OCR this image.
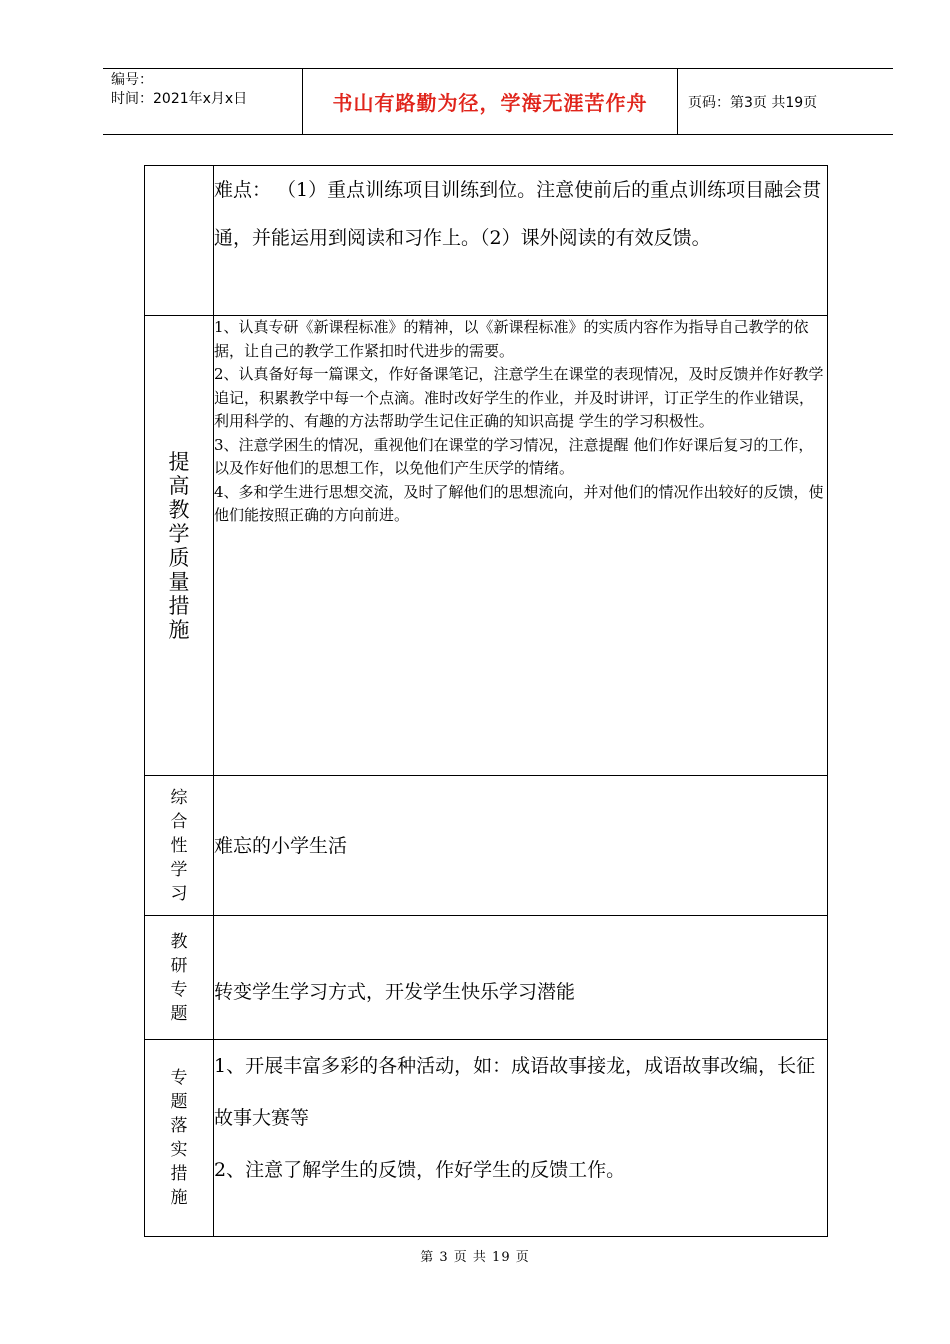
编号：
时间：2021年x月x日	书山有路勤为径，学海无涯苦作舟	页码：第3页 共19页
	难点： （1）重点训练项目训练到位。注意使前后的重点训练项目融会贯通，并能运用到阅读和习作上。（2）课外阅读的有效反馈。
提高教学质量措施	1、认真专研《新课程标准》的精神，以《新课程标准》的实质内容作为指导自己教学的依据，让自己的教学工作紧扣时代进步的需要。

2、认真备好每一篇课文，作好备课笔记，注意学生在课堂的表现情况，及时反馈并作好教学追记，积累教学中每一个点滴。准时改好学生的作业，并及时讲评，订正学生的作业错误，利用科学的、有趣的方法帮助学生记住正确的知识高提 学生的学习积极性。

3、注意学困生的情况，重视他们在课堂的学习情况，注意提醒 他们作好课后复习的工作，以及作好他们的思想工作，以免他们产生厌学的情绪。

4、多和学生进行思想交流，及时了解他们的思想流向，并对他们的情况作出较好的反馈，使他们能按照正确的方向前进。

综合性学习	难忘的小学生活
教研专题	转变学生学习方式，开发学生快乐学习潜能
专题落实措施	1、开展丰富多彩的各种活动，如：成语故事接龙，成语故事改编，长征故事大赛等

2、注意了解学生的反馈，作好学生的反馈工作。

第 3 页 共 19 页
